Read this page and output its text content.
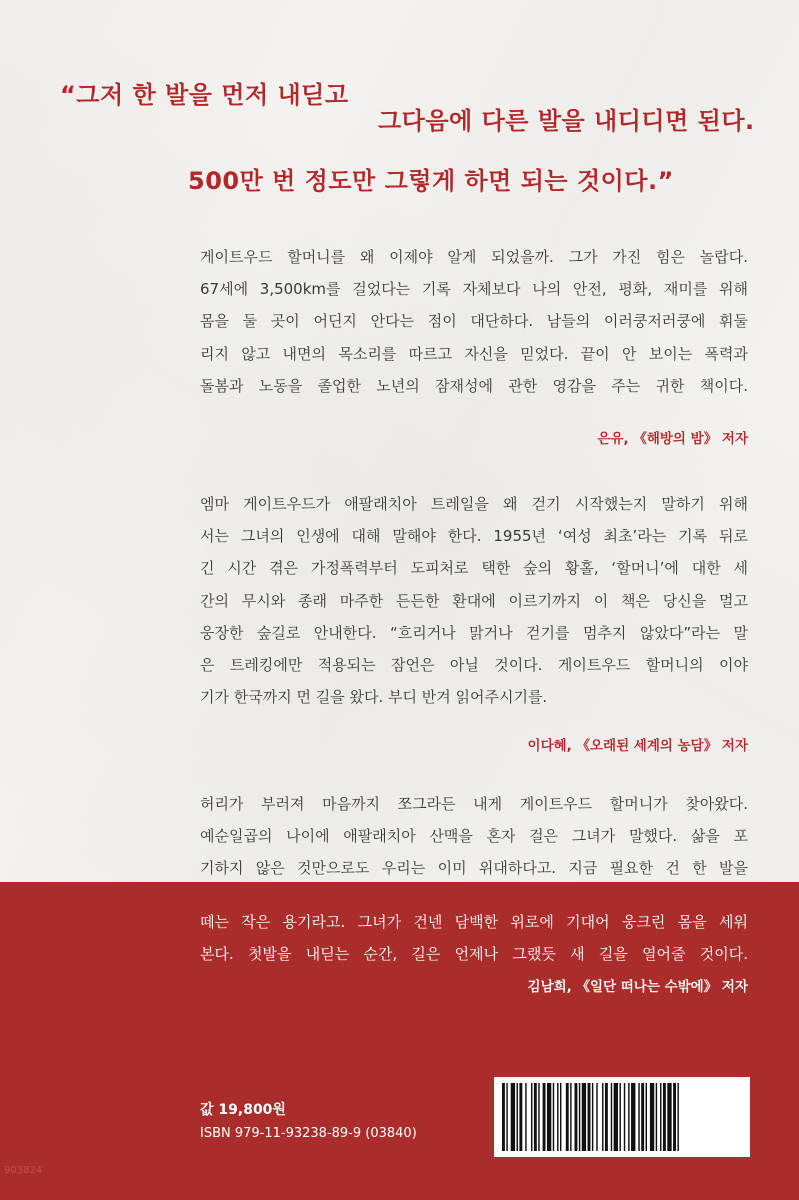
“그저 한 발을 먼저 내딛고
그다음에 다른 발을 내디디면 된다.
500만 번 정도만 그렇게 하면 되는 것이다.”
게이트우드 할머니를 왜 이제야 알게 되었을까. 그가 가진 힘은 놀랍다.
67세에 3,500km를 걸었다는 기록 자체보다 나의 안전, 평화, 재미를 위해
몸을 둘 곳이 어딘지 안다는 점이 대단하다. 남들의 이러쿵저러쿵에 휘둘
리지 않고 내면의 목소리를 따르고 자신을 믿었다. 끝이 안 보이는 폭력과
돌봄과 노동을 졸업한 노년의 잠재성에 관한 영감을 주는 귀한 책이다.
은유, 《해방의 밤》 저자
엠마 게이트우드가 애팔래치아 트레일을 왜 걷기 시작했는지 말하기 위해
서는 그녀의 인생에 대해 말해야 한다. 1955년 ‘여성 최초’라는 기록 뒤로
긴 시간 겪은 가정폭력부터 도피처로 택한 숲의 황홀, ‘할머니’에 대한 세
간의 무시와 종래 마주한 든든한 환대에 이르기까지 이 책은 당신을 멀고
웅장한 숲길로 안내한다. “흐리거나 맑거나 걷기를 멈추지 않았다”라는 말
은 트레킹에만 적용되는 잠언은 아닐 것이다. 게이트우드 할머니의 이야
기가 한국까지 먼 길을 왔다. 부디 반겨 읽어주시기를.
이다혜, 《오래된 세계의 농담》 저자
허리가 부러져 마음까지 쪼그라든 내게 게이트우드 할머니가 찾아왔다.
예순일곱의 나이에 애팔래치아 산맥을 혼자 걸은 그녀가 말했다. 삶을 포
기하지 않은 것만으로도 우리는 이미 위대하다고. 지금 필요한 건 한 발을
떼는 작은 용기라고. 그녀가 건넨 담백한 위로에 기대어 웅크린 몸을 세워
본다. 첫발을 내딛는 순간, 길은 언제나 그랬듯 새 길을 열어줄 것이다.
김남희, 《일단 떠나는 수밖에》 저자
값 19,800원
ISBN 979-11-93238-89-9 (03840)
903824
